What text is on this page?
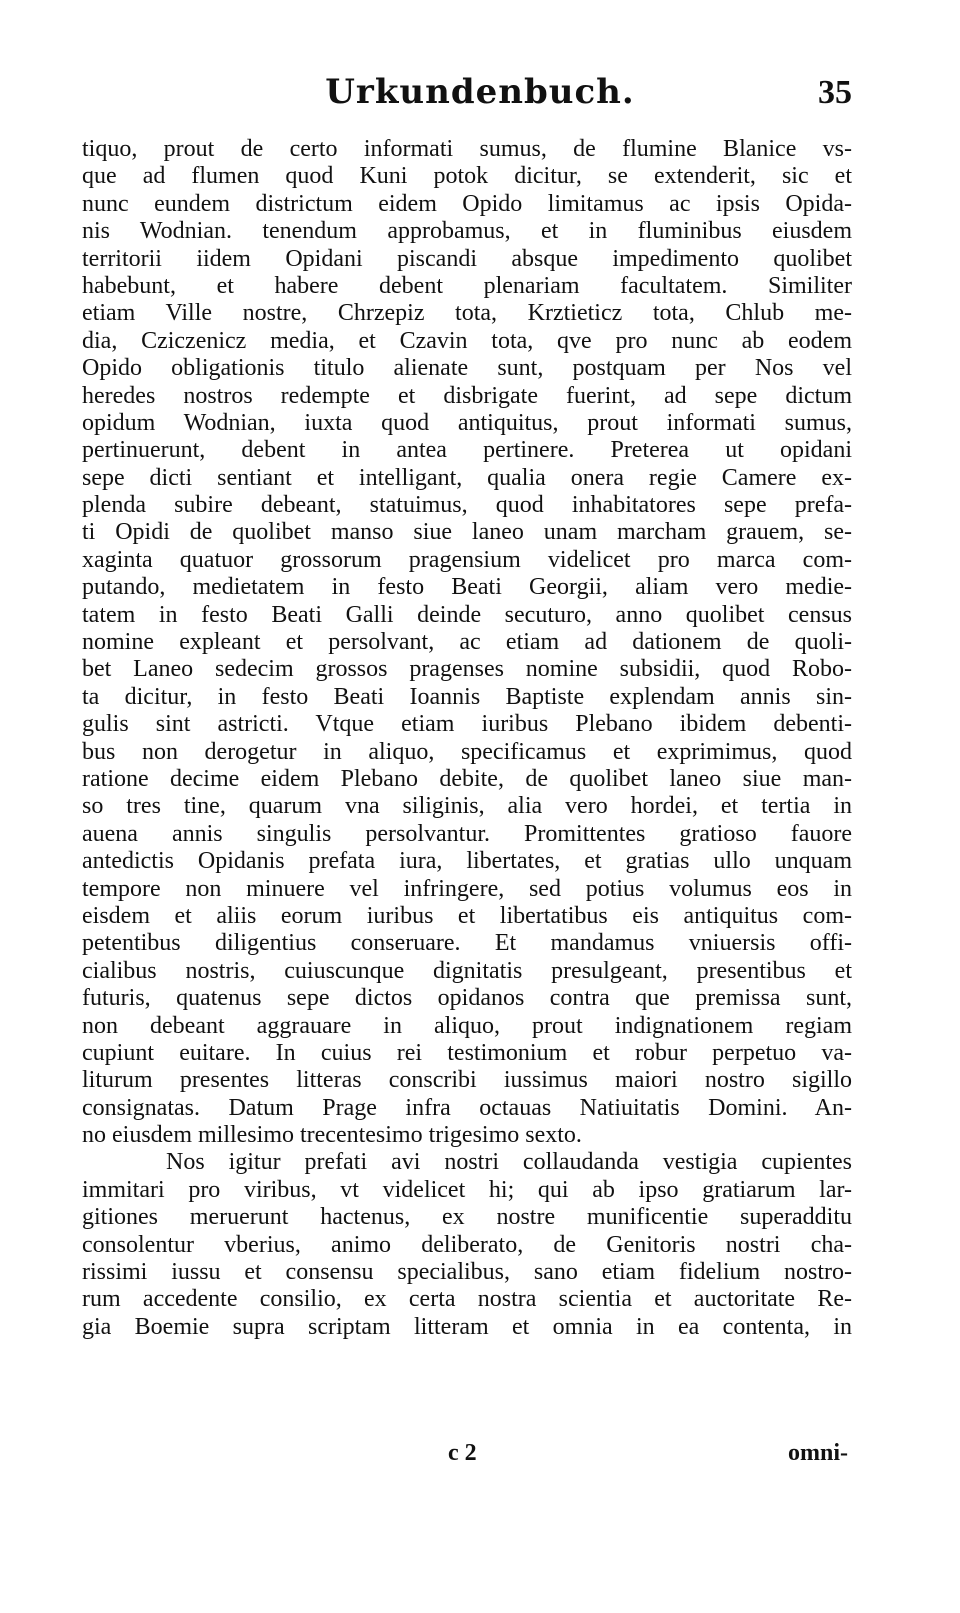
Urkundenbuch.	35
tiquo, prout de certo informati sumus, de flumine Blanice vs-
que ad flumen quod Kuni potok dicitur, se extenderit, sic et
nunc eundem districtum eidem Opido limitamus ac ipsis Opida-
nis Wodnian. tenendum approbamus, et in fluminibus eiusdem
territorii iidem Opidani piscandi absque impedimento quolibet
habebunt, et habere debent plenariam facultatem. Similiter
etiam Ville nostre, Chrzepiz tota, Krztieticz tota, Chlub me-
dia, Cziczenicz media, et Czavin tota, qve pro nunc ab eodem
Opido obligationis titulo alienate sunt, postquam per Nos vel
heredes nostros redempte et disbrigate fuerint, ad sepe dictum
opidum Wodnian, iuxta quod antiquitus, prout informati sumus,
pertinuerunt, debent in antea pertinere. Preterea ut opidani
sepe dicti sentiant et intelligant, qualia onera regie Camere ex-
plenda subire debeant, statuimus, quod inhabitatores sepe prefa-
ti Opidi de quolibet manso siue laneo unam marcham grauem, se-
xaginta quatuor grossorum pragensium videlicet pro marca com-
putando, medietatem in festo Beati Georgii, aliam vero medie-
tatem in festo Beati Galli deinde secuturo, anno quolibet census
nomine expleant et persolvant, ac etiam ad dationem de quoli-
bet Laneo sedecim grossos pragenses nomine subsidii, quod Robo-
ta dicitur, in festo Beati Ioannis Baptiste explendam annis sin-
gulis sint astricti. Vtque etiam iuribus Plebano ibidem debenti-
bus non derogetur in aliquo, specificamus et exprimimus, quod
ratione decime eidem Plebano debite, de quolibet laneo siue man-
so tres tine, quarum vna siliginis, alia vero hordei, et tertia in
auena annis singulis persolvantur. Promittentes gratioso fauore
antedictis Opidanis prefata iura, libertates, et gratias ullo unquam
tempore non minuere vel infringere, sed potius volumus eos in
eisdem et aliis eorum iuribus et libertatibus eis antiquitus com-
petentibus diligentius conseruare. Et mandamus vniuersis offi-
cialibus nostris, cuiuscunque dignitatis presulgeant, presentibus et
futuris, quatenus sepe dictos opidanos contra que premissa sunt,
non debeant aggrauare in aliquo, prout indignationem regiam
cupiunt euitare. In cuius rei testimonium et robur perpetuo va-
liturum presentes litteras conscribi iussimus maiori nostro sigillo
consignatas. Datum Prage infra octauas Natiuitatis Domini. An-
no eiusdem millesimo trecentesimo trigesimo sexto.
Nos igitur prefati avi nostri collaudanda vestigia cupientes
immitari pro viribus, vt videlicet hi; qui ab ipso gratiarum lar-
gitiones meruerunt hactenus, ex nostre munificentie superadditu
consolentur vberius, animo deliberato, de Genitoris nostri cha-
rissimi iussu et consensu specialibus, sano etiam fidelium nostro-
rum accedente consilio, ex certa nostra scientia et auctoritate Re-
gia Boemie supra scriptam litteram et omnia in ea contenta, in
c 2	omni-
